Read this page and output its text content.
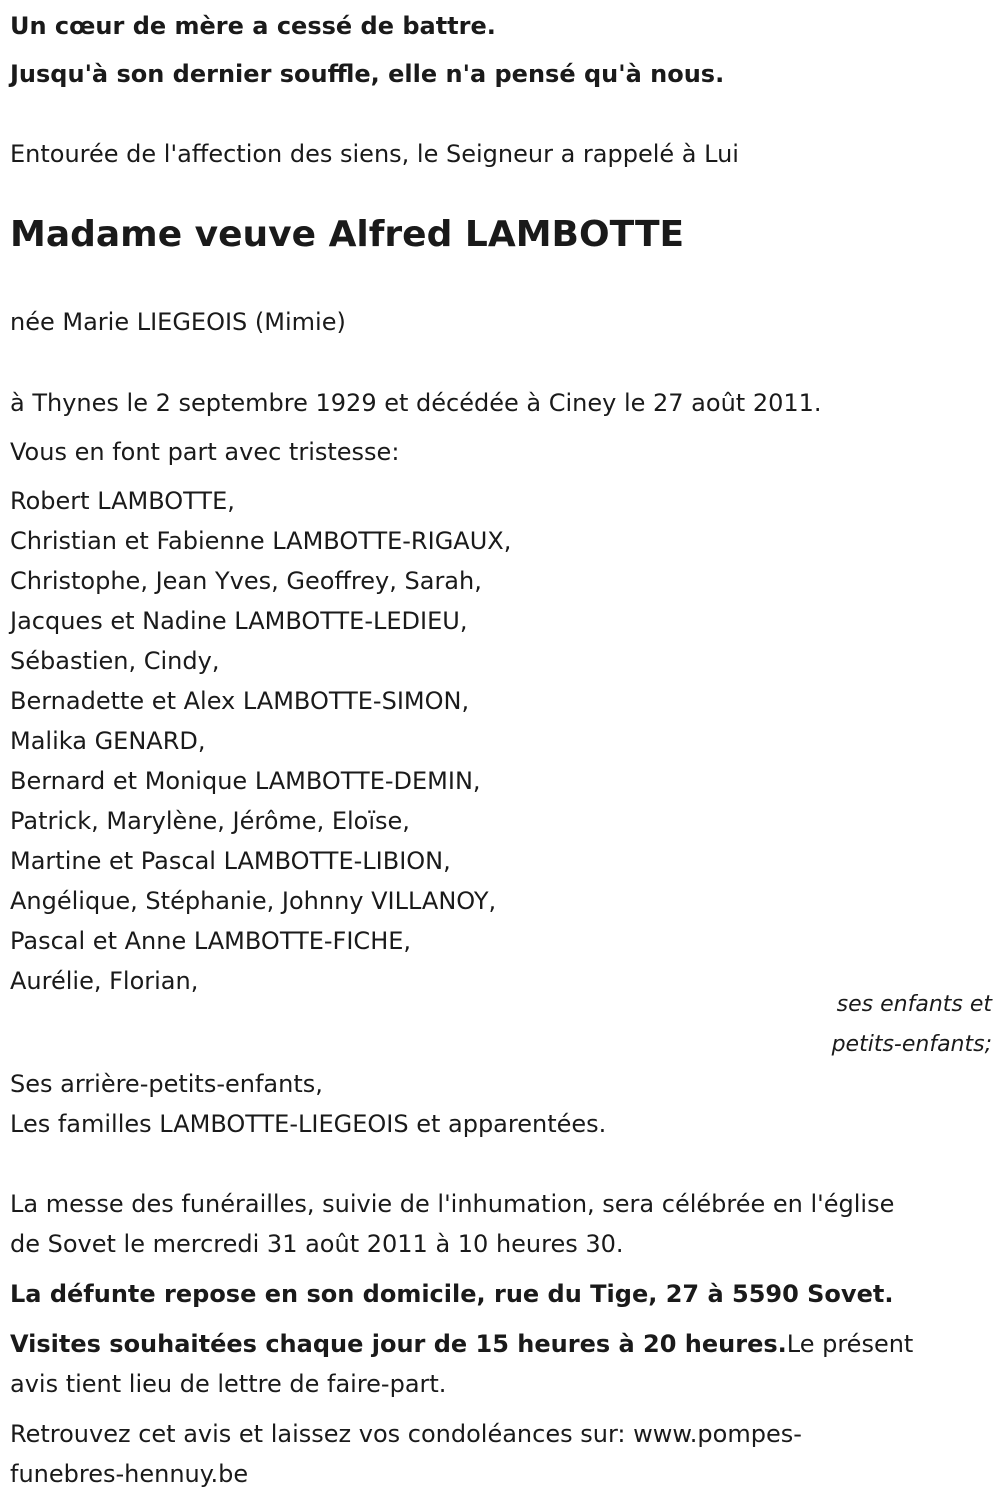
Un cœur de mère a cessé de battre.
Jusqu'à son dernier souffle, elle n'a pensé qu'à nous.
Entourée de l'affection des siens, le Seigneur a rappelé à Lui
Madame veuve Alfred LAMBOTTE
née Marie LIEGEOIS (Mimie)
à Thynes le 2 septembre 1929 et décédée à Ciney le 27 août 2011.
Vous en font part avec tristesse:
Robert LAMBOTTE,
Christian et Fabienne LAMBOTTE-RIGAUX,
Christophe, Jean Yves, Geoffrey, Sarah,
Jacques et Nadine LAMBOTTE-LEDIEU,
Sébastien, Cindy,
Bernadette et Alex LAMBOTTE-SIMON,
Malika GENARD,
Bernard et Monique LAMBOTTE-DEMIN,
Patrick, Marylène, Jérôme, Eloïse,
Martine et Pascal LAMBOTTE-LIBION,
Angélique, Stéphanie, Johnny VILLANOY,
Pascal et Anne LAMBOTTE-FICHE,
Aurélie, Florian,
ses enfants et
petits-enfants;
Ses arrière-petits-enfants,
Les familles LAMBOTTE-LIEGEOIS et apparentées.
La messe des funérailles, suivie de l'inhumation, sera célébrée en l'église
de Sovet le mercredi 31 août 2011 à 10 heures 30.
La défunte repose en son domicile, rue du Tige, 27 à 5590 Sovet.
Visites souhaitées chaque jour de 15 heures à 20 heures.Le présent
avis tient lieu de lettre de faire-part.
Retrouvez cet avis et laissez vos condoléances sur: www.pompes-
funebres-hennuy.be
